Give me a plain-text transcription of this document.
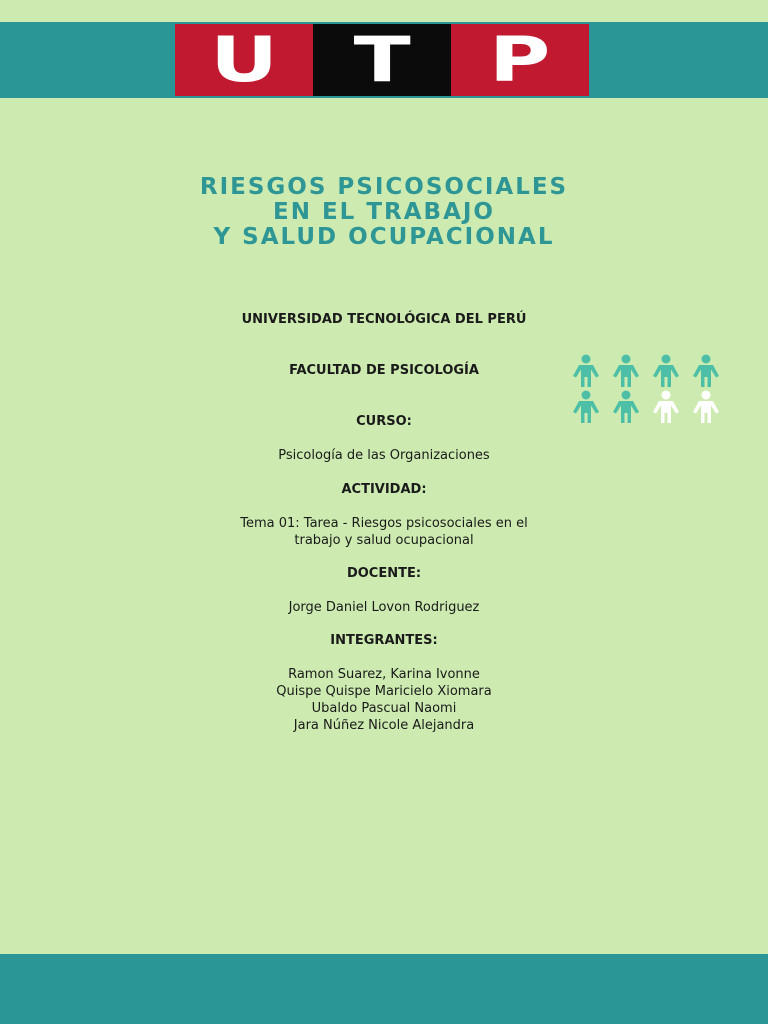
U T P
RIESGOS PSICOSOCIALES
EN EL TRABAJO
Y SALUD OCUPACIONAL
UNIVERSIDAD TECNOLÓGICA DEL PERÚ
FACULTAD DE PSICOLOGÍA
CURSO:
Psicología de las Organizaciones
ACTIVIDAD:
Tema 01: Tarea - Riesgos psicosociales en el
trabajo y salud ocupacional
DOCENTE:
Jorge Daniel Lovon Rodriguez
INTEGRANTES:
Ramon Suarez, Karina Ivonne
Quispe Quispe Maricielo Xiomara
Ubaldo Pascual Naomi
Jara Núñez Nicole Alejandra
